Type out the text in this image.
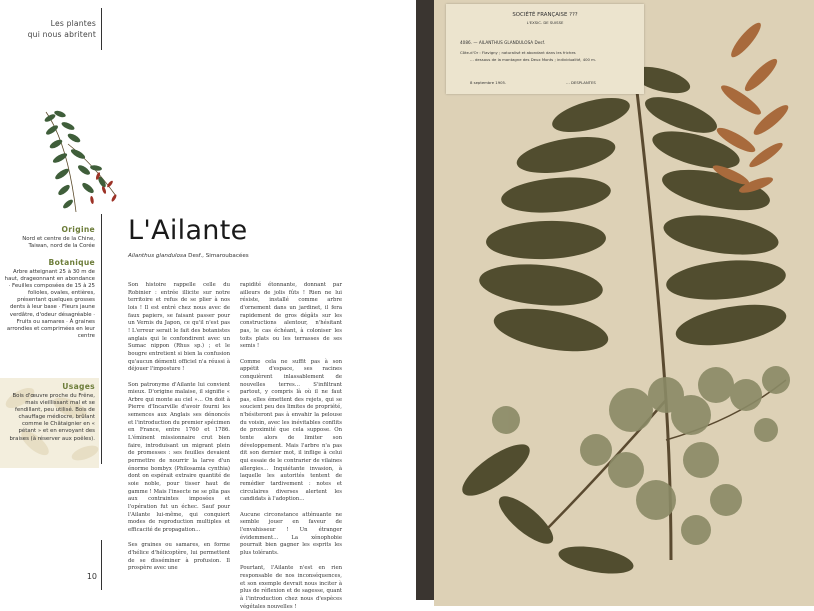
Les plantes
qui nous abritent
Origine

Nord et centre de la Chine, Taiwan, nord de la Corée

Botanique

Arbre atteignant 25 à 30 m de haut, drageonnant en abondance · Feuilles composées de 15 à 25 folioles, ovales, entières, présentant quelques grosses dents à leur base · Fleurs jaune verdâtre, d'odeur désagréable · Fruits ou samares · À graines arrondies et comprimées en leur centre

Usages

Bois d'œuvre proche du Frêne, mais vieillissant mal et se fendillant, peu utilisé. Bois de chauffage médiocre, brûlant comme le Châtaignier en « pétant » et en envoyant des braises (à réserver aux poêles).

10
L'Ailante
Ailanthus glandulosa Desf., Simaroubacées

Son histoire rappelle celle du Robinier : entrée illicite sur notre territoire et refus de se plier à nos lois ! Il est entré chez nous avec de faux papiers, se faisant passer pour un Vernis du Japon, ce qu'il n'est pas ! L'erreur serait le fait des botanistes anglais qui le confondirent avec un Sumac nippon (Rhus sp.) ; et le bougre entretient si bien la confusion qu'aucun démenti officiel n'a réussi à déjouer l'imposture !

Son patronyme d'Ailante lui convient mieux. D'origine malaise, il signifie « Arbre qui monte au ciel »… On doit à Pierre d'Incarville d'avoir fourni les semences aux Anglais ses dénoncés et l'introduction du premier spécimen en France, entre 1760 et 1786. L'éminent missionnaire crut bien faire, introduisant un migrant plein de promesses : ses feuilles devaient permettre de nourrir la larve d'un énorme bombyx (Philosamia cynthia) dont on espérait extraire quantité de soie noble, pour tisser haut de gamme ! Mais l'insecte ne se plia pas aux contraintes imposées et l'opération fut un échec. Sauf pour l'Ailante lui-même, qui conquiert modes de reproduction multiples et efficacité de propagation…

Ses graines ou samares, en forme d'hélice d'hélicoptère, lui permettent de se disséminer à profusion. Il prospère avec une

rapidité étonnante, donnant par ailleurs de jolis fûts ! Rien ne lui résiste, installé comme arbre d'ornement dans un jardinet, il fera rapidement de gros dégâts sur les constructions alentour, n'hésitant pas, le cas échéant, à coloniser les toits plats ou les terrasses de ses semis !

Comme cela ne suffit pas à son appétit d'espace, ses racines conquièrent inlassablement de nouvelles terres… S'infiltrant partout, y compris là où il ne faut pas, elles émettent des rejets, qui se soucient peu des limites de propriété, n'hésiteront pas à envahir la pelouse du voisin, avec les inévitables conflits de proximité que cela suppose. On tente alors de limiter son développement. Mais l'arbre n'a pas dit son dernier mot, il inflige à celui qui essaie de le contrarier de vilaines allergies… Inquiétante invasion, à laquelle les autorités tentent de remédier tardivement : notes et circulaires diverses alertent les candidats à l'adoption…

Aucune circonstance atténuante ne semble jouer en faveur de l'envahisseur ! Un étranger évidemment… La xénophobie pourrait bien gagner les esprits les plus tolérants.

Pourtant, l'Ailante n'est en rien responsable de nos inconséquences, et son exemple devrait nous inciter à plus de réflexion et de sagesse, quant à l'introduction chez nous d'espèces végétales nouvelles !

SOCIÉTÉ FRANÇAISE ???
L'EXSIC. DE SUISSE
4086. — AILANTHUS GLANDULOSA Desf.
Côte-d'Or : Flavigny ; naturalisé et abondant dans les friches
… dessous de la montagne des Deux Monts ; individualité, 400 m.
8 septembre 1905.	… DESPLANTES
